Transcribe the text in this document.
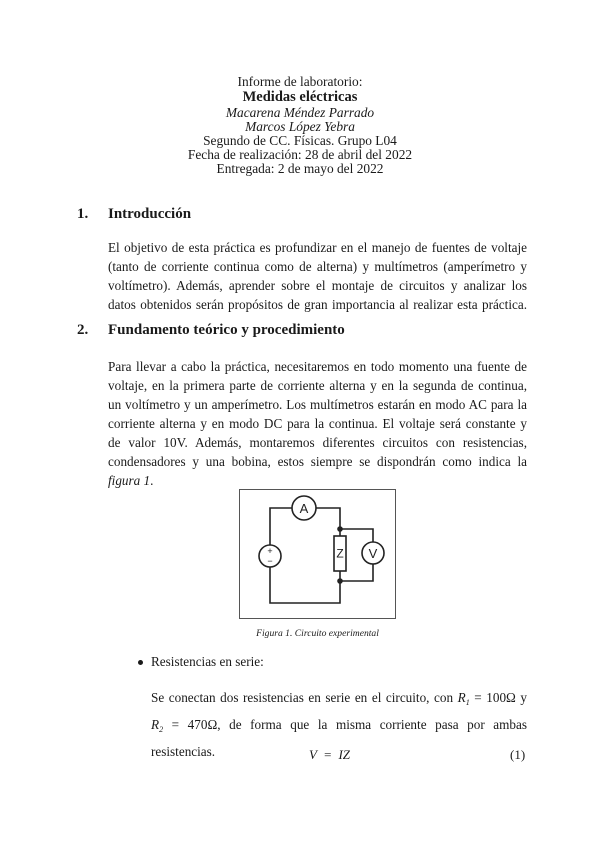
Informe de laboratorio:
Medidas eléctricas
Macarena Méndez Parrado
Marcos López Yebra
Segundo de CC. Físicas. Grupo L04
Fecha de realización: 28 de abril del 2022
Entregada: 2 de mayo del 2022
1. Introducción
El objetivo de esta práctica es profundizar en el manejo de fuentes de voltaje
(tanto de corriente continua como de alterna) y multímetros (amperímetro y
voltímetro). Además, aprender sobre el montaje de circuitos y analizar los
datos obtenidos serán propósitos de gran importancia al realizar esta práctica.
2. Fundamento teórico y procedimiento
Para llevar a cabo la práctica, necesitaremos en todo momento una fuente de
voltaje, en la primera parte de corriente alterna y en la segunda de continua,
un voltímetro y un amperímetro. Los multímetros estarán en modo AC para la
corriente alterna y en modo DC para la continua. El voltaje será constante y
de valor 10V. Además, montaremos diferentes circuitos con resistencias,
condensadores y una bobina, estos siempre se dispondrán como indica la
figura 1.
A
V
Z
+
−
Figura 1. Circuito experimental
Resistencias en serie:
Se conectan dos resistencias en serie en el circuito, con $R_1 = 100\Omega$ y
$R_2 = 470\Omega$, de forma que la misma corriente pasa por ambas
resistencias.	V  =  IZ	(1)
